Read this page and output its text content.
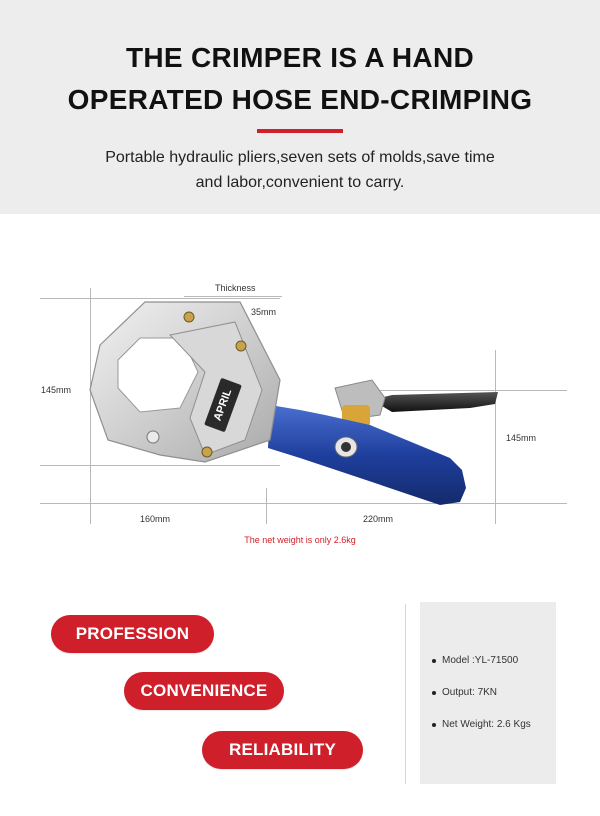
THE CRIMPER IS A HAND
OPERATED HOSE END-CRIMPING
Portable hydraulic pliers,seven sets of molds,save time
and labor,convenient to carry.
Thickness
35mm
145mm
145mm
160mm	220mm
APRIL
The net weight is only 2.6kg
PROFESSION
CONVENIENCE
RELIABILITY
Model :YL-71500
Output: 7KN
Net Weight: 2.6 Kgs
